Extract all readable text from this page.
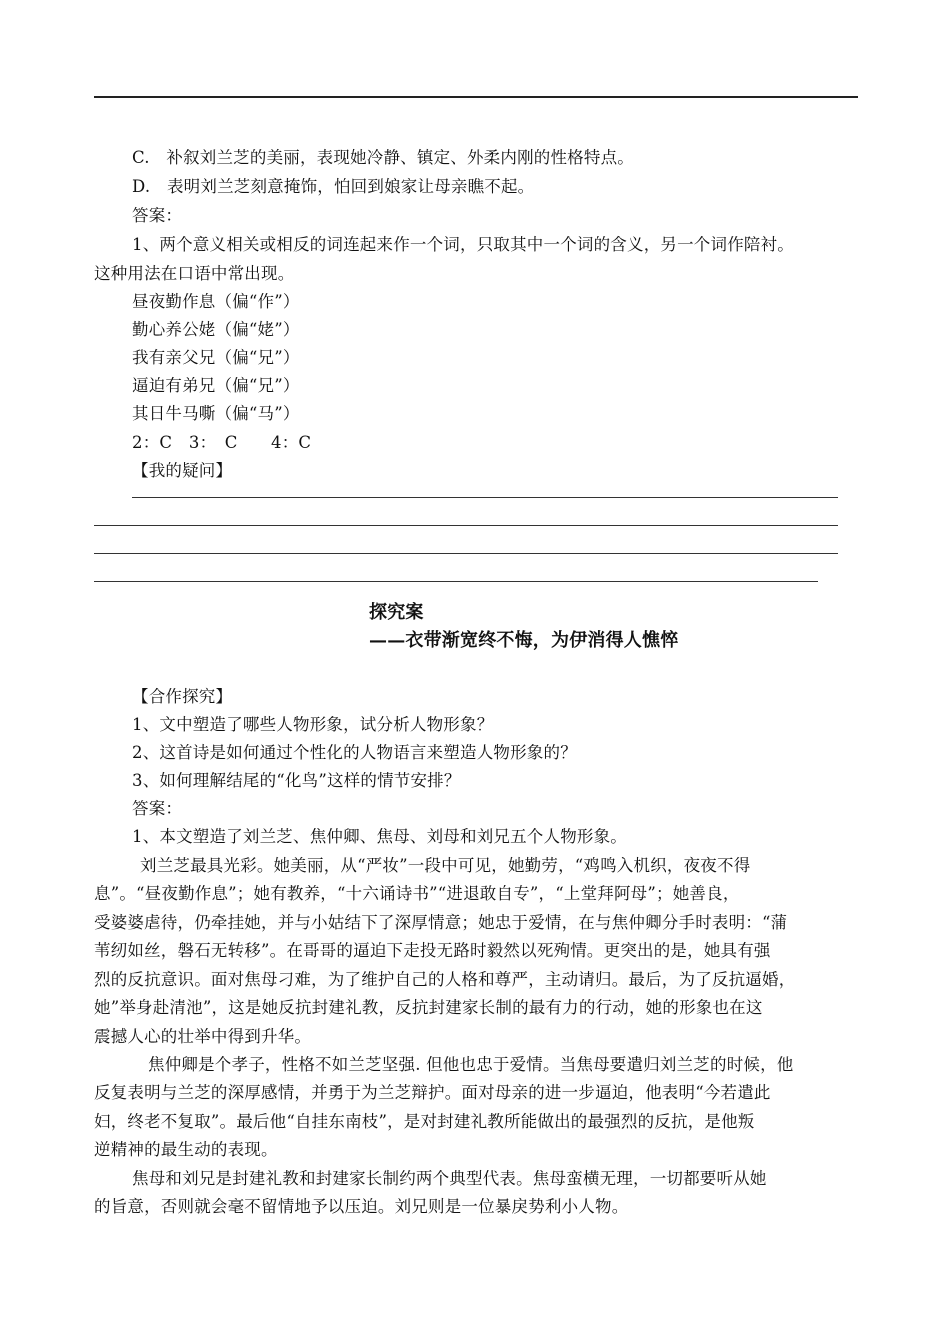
C.　补叙刘兰芝的美丽，表现她冷静、镇定、外柔内刚的性格特点。
D.　表明刘兰芝刻意掩饰，怕回到娘家让母亲瞧不起。
答案：
1、两个意义相关或相反的词连起来作一个词，只取其中一个词的含义，另一个词作陪衬。
这种用法在口语中常出现。
昼夜勤作息（偏“作”）
勤心养公姥（偏“姥”）
我有亲父兄（偏“兄”）
逼迫有弟兄（偏“兄”）
其日牛马嘶（偏“马”）
2：C　3：　C　　4：C
【我的疑问】
探究案
——衣带渐宽终不悔，为伊消得人憔悴
【合作探究】
1、文中塑造了哪些人物形象，试分析人物形象？
2、这首诗是如何通过个性化的人物语言来塑造人物形象的？
3、如何理解结尾的“化鸟”这样的情节安排？
答案：
1、本文塑造了刘兰芝、焦仲卿、焦母、刘母和刘兄五个人物形象。
刘兰芝最具光彩。她美丽，从“严妆”一段中可见，她勤劳，“鸡鸣入机织，夜夜不得
息”。“昼夜勤作息”；她有教养，“十六诵诗书”“进退敢自专”，“上堂拜阿母”；她善良，
受婆婆虐待，仍牵挂她，并与小姑结下了深厚情意；她忠于爱情，在与焦仲卿分手时表明：“蒲
苇纫如丝，磐石无转移”。在哥哥的逼迫下走投无路时毅然以死殉情。更突出的是，她具有强
烈的反抗意识。面对焦母刁难，为了维护自己的人格和尊严，主动请归。最后，为了反抗逼婚，
她”举身赴清池”，这是她反抗封建礼教，反抗封建家长制的最有力的行动，她的形象也在这
震撼人心的壮举中得到升华。
焦仲卿是个孝子，性格不如兰芝坚强. 但他也忠于爱情。当焦母要遣归刘兰芝的时候，他
反复表明与兰芝的深厚感情，并勇于为兰芝辩护。面对母亲的进一步逼迫，他表明“今若遣此
妇，终老不复取”。最后他“自挂东南枝”，是对封建礼教所能做出的最强烈的反抗，是他叛
逆精神的最生动的表现。
焦母和刘兄是封建礼教和封建家长制约两个典型代表。焦母蛮横无理，一切都要听从她
的旨意，否则就会毫不留情地予以压迫。刘兄则是一位暴戾势利小人物。
